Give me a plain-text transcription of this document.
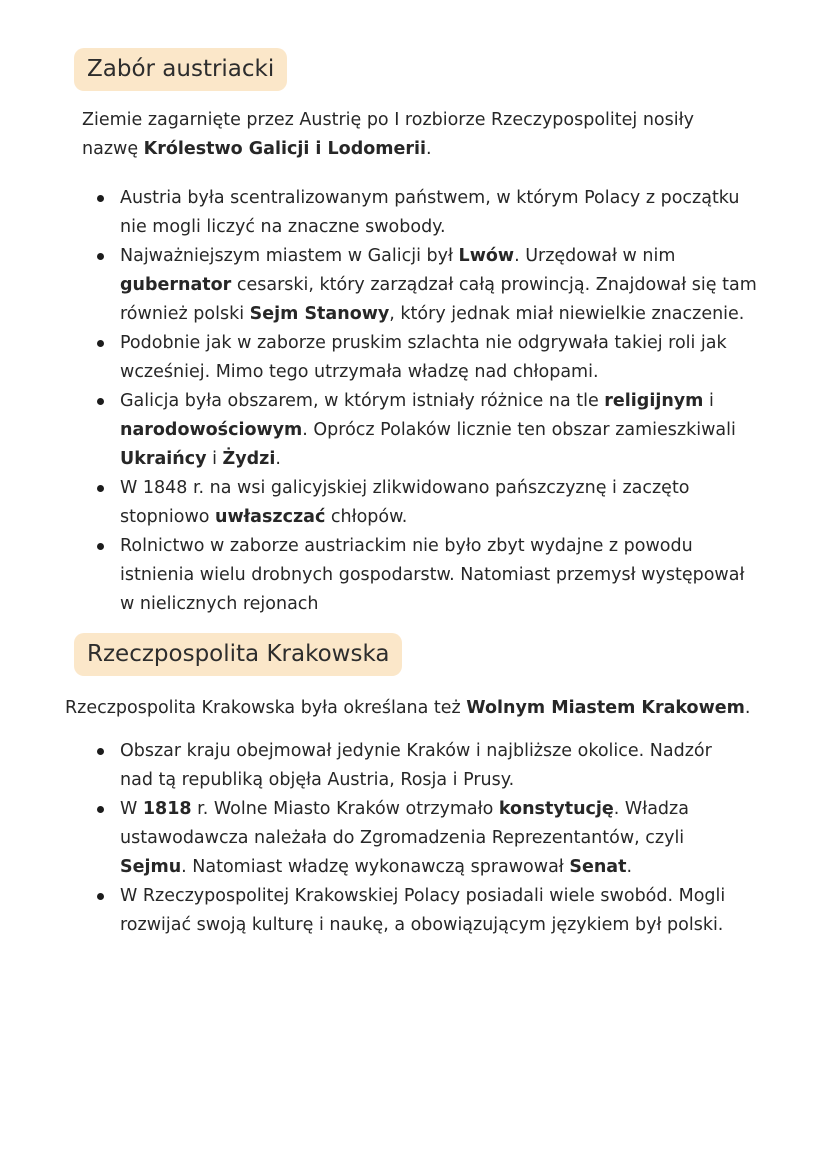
Zabór austriacki
Ziemie zagarnięte przez Austrię po I rozbiorze Rzeczypospolitej nosiły
nazwę Królestwo Galicji i Lodomerii.
Austria była scentralizowanym państwem, w którym Polacy z początku
nie mogli liczyć na znaczne swobody.
Najważniejszym miastem w Galicji był Lwów. Urzędował w nim
gubernator cesarski, który zarządzał całą prowincją. Znajdował się tam
również polski Sejm Stanowy, który jednak miał niewielkie znaczenie.
Podobnie jak w zaborze pruskim szlachta nie odgrywała takiej roli jak
wcześniej. Mimo tego utrzymała władzę nad chłopami.
Galicja była obszarem, w którym istniały różnice na tle religijnym i
narodowościowym. Oprócz Polaków licznie ten obszar zamieszkiwali
Ukraińcy i Żydzi.
W 1848 r. na wsi galicyjskiej zlikwidowano pańszczyznę i zaczęto
stopniowo uwłaszczać chłopów.
Rolnictwo w zaborze austriackim nie było zbyt wydajne z powodu
istnienia wielu drobnych gospodarstw. Natomiast przemysł występował
w nielicznych rejonach
Rzeczpospolita Krakowska
Rzeczpospolita Krakowska była określana też Wolnym Miastem Krakowem.
Obszar kraju obejmował jedynie Kraków i najbliższe okolice. Nadzór
nad tą republiką objęła Austria, Rosja i Prusy.
W 1818 r. Wolne Miasto Kraków otrzymało konstytucję. Władza
ustawodawcza należała do Zgromadzenia Reprezentantów, czyli
Sejmu. Natomiast władzę wykonawczą sprawował Senat.
W Rzeczypospolitej Krakowskiej Polacy posiadali wiele swobód. Mogli
rozwijać swoją kulturę i naukę, a obowiązującym językiem był polski.
